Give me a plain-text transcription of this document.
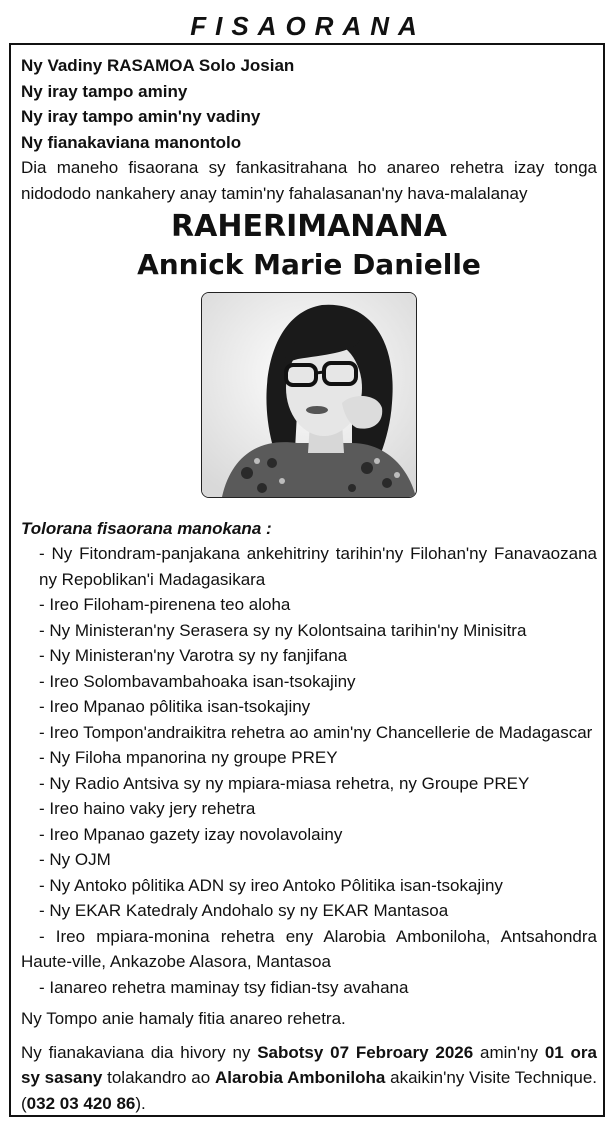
FISAORANA
Ny Vadiny RASAMOA Solo Josian
Ny iray tampo aminy
Ny iray tampo amin'ny vadiny
Ny fianakaviana manontolo
Dia maneho fisaorana sy fankasitrahana ho anareo rehetra izay tonga nidododo nankahery anay tamin'ny fahalasanan'ny hava-malalanay
RAHERIMANANA
Annick Marie Danielle
Tolorana fisaorana manokana :
- Ny Fitondram-panjakana ankehitriny tarihin'ny Filohan'ny Fanavaozana ny Repoblikan'i Madagasikara
- Ireo Filoham-pirenena teo aloha
- Ny Ministeran'ny Serasera sy ny Kolontsaina tarihin'ny Minisitra
- Ny Ministeran'ny Varotra sy ny fanjifana
- Ireo Solombavambahoaka isan-tsokajiny
- Ireo Mpanao pôlitika isan-tsokajiny
- Ireo Tompon'andraikitra rehetra ao amin'ny Chancellerie de Madagascar
- Ny Filoha mpanorina ny groupe PREY
- Ny Radio Antsiva sy ny mpiara-miasa rehetra, ny Groupe PREY
- Ireo haino vaky jery rehetra
- Ireo Mpanao gazety izay novolavolainy
- Ny OJM
- Ny Antoko pôlitika ADN sy ireo Antoko Pôlitika isan-tsokajiny
- Ny EKAR Katedraly Andohalo sy ny EKAR Mantasoa
- Ireo mpiara-monina rehetra eny Alarobia Amboniloha, Antsahondra Haute-ville, Ankazobe Alasora, Mantasoa
- Ianareo rehetra maminay tsy fidian-tsy avahana
Ny Tompo anie hamaly fitia anareo rehetra.
Ny fianakaviana dia hivory ny Sabotsy 07 Febroary 2026 amin'ny 01 ora sy sasany tolakandro ao Alarobia Amboniloha akaikin'ny Visite Technique. (032 03 420 86).
